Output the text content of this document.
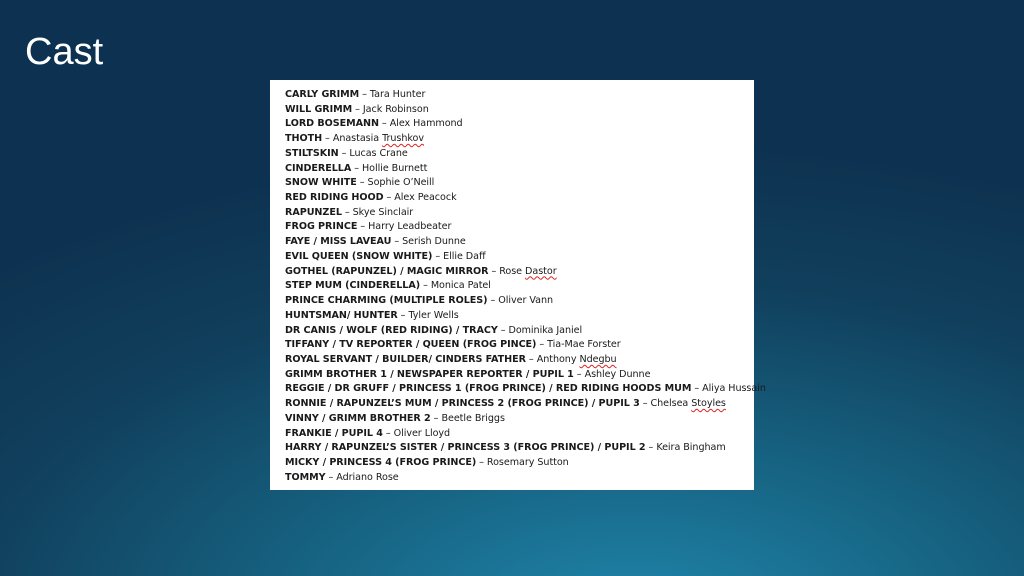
Cast
CARLY GRIMM – Tara Hunter
WILL GRIMM – Jack Robinson
LORD BOSEMANN – Alex Hammond
THOTH – Anastasia Trushkov
STILTSKIN – Lucas Crane
CINDERELLA – Hollie Burnett
SNOW WHITE – Sophie O’Neill
RED RIDING HOOD – Alex Peacock
RAPUNZEL – Skye Sinclair
FROG PRINCE – Harry Leadbeater
FAYE / MISS LAVEAU – Serish Dunne
EVIL QUEEN (SNOW WHITE) – Ellie Daff
GOTHEL (RAPUNZEL) / MAGIC MIRROR – Rose Dastor
STEP MUM (CINDERELLA) – Monica Patel
PRINCE CHARMING (MULTIPLE ROLES) – Oliver Vann
HUNTSMAN/ HUNTER – Tyler Wells
DR CANIS / WOLF (RED RIDING) / TRACY – Dominika Janiel
TIFFANY / TV REPORTER / QUEEN (FROG PINCE) – Tia-Mae Forster
ROYAL SERVANT / BUILDER/ CINDERS FATHER – Anthony Ndegbu
GRIMM BROTHER 1 / NEWSPAPER REPORTER / PUPIL 1 – Ashley Dunne
REGGIE / DR GRUFF / PRINCESS 1 (FROG PRINCE) / RED RIDING HOODS MUM – Aliya Hussain
RONNIE / RAPUNZEL’S MUM / PRINCESS 2 (FROG PRINCE) / PUPIL 3 – Chelsea Stoyles
VINNY / GRIMM BROTHER 2 – Beetle Briggs
FRANKIE / PUPIL 4 – Oliver Lloyd
HARRY / RAPUNZEL’S SISTER / PRINCESS 3 (FROG PRINCE) / PUPIL 2 – Keira Bingham
MICKY / PRINCESS 4 (FROG PRINCE) – Rosemary Sutton
TOMMY – Adriano Rose
